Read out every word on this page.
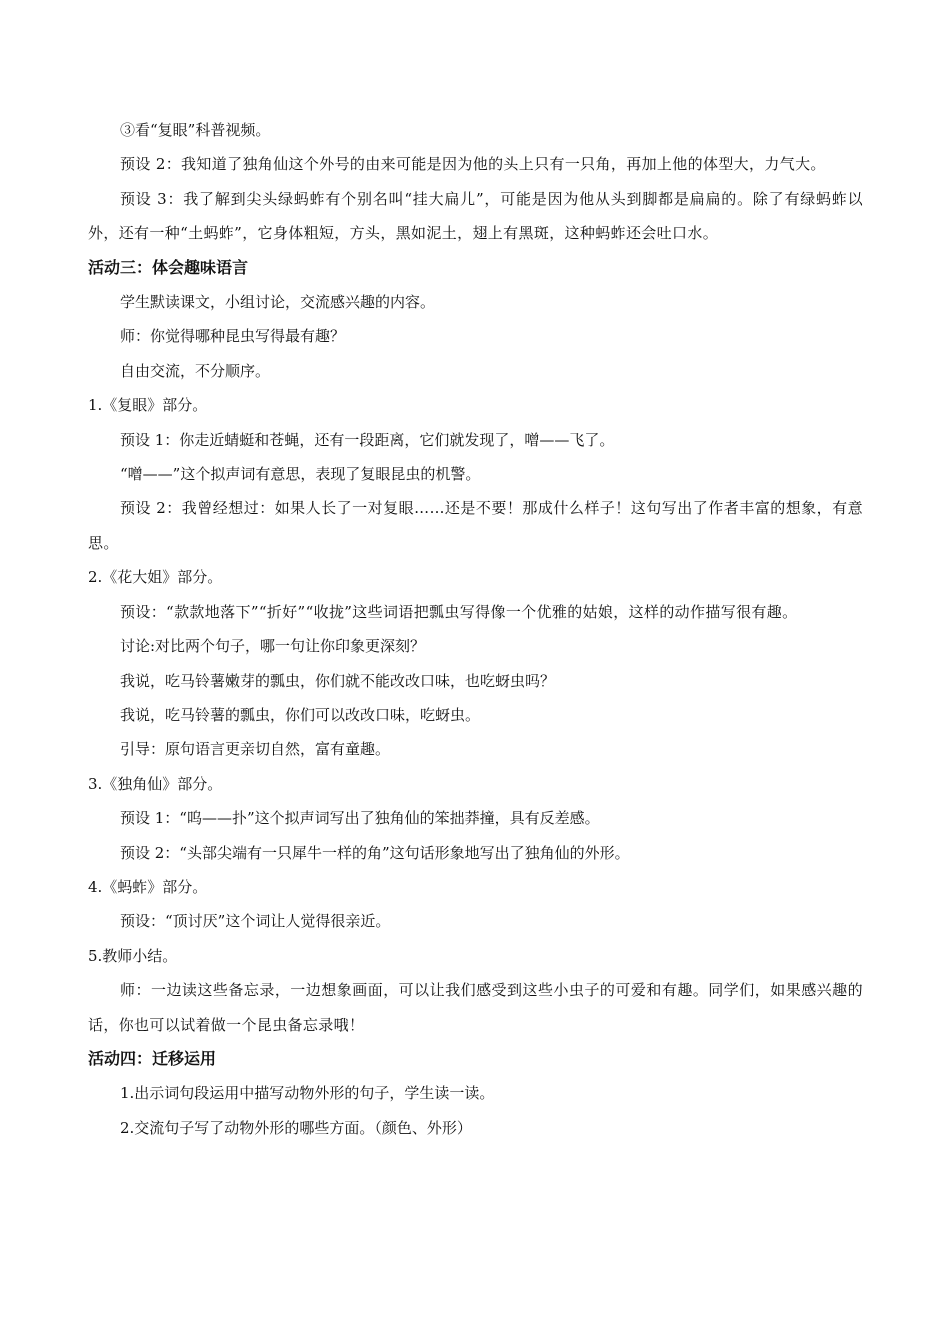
③看“复眼”科普视频。
预设 2：我知道了独角仙这个外号的由来可能是因为他的头上只有一只角，再加上他的体型大，力气大。
预设 3：我了解到尖头绿蚂蚱有个别名叫“挂大扁儿”，可能是因为他从头到脚都是扁扁的。除了有绿蚂蚱以外，还有一种“土蚂蚱”，它身体粗短，方头，黑如泥土，翅上有黑斑，这种蚂蚱还会吐口水。
活动三：体会趣味语言
学生默读课文，小组讨论，交流感兴趣的内容。
师：你觉得哪种昆虫写得最有趣？
自由交流，不分顺序。
1.《复眼》部分。
预设 1：你走近蜻蜓和苍蝇，还有一段距离，它们就发现了，噌——飞了。
“噌——”这个拟声词有意思，表现了复眼昆虫的机警。
预设 2：我曾经想过：如果人长了一对复眼……还是不要！那成什么样子！这句写出了作者丰富的想象，有意思。
2.《花大姐》部分。
预设：“款款地落下”“折好”“收拢”这些词语把瓢虫写得像一个优雅的姑娘，这样的动作描写很有趣。
讨论:对比两个句子，哪一句让你印象更深刻？
我说，吃马铃薯嫩芽的瓢虫，你们就不能改改口味，也吃蚜虫吗？
我说，吃马铃薯的瓢虫，你们可以改改口味，吃蚜虫。
引导：原句语言更亲切自然，富有童趣。
3.《独角仙》部分。
预设 1：“呜——扑”这个拟声词写出了独角仙的笨拙莽撞，具有反差感。
预设 2：“头部尖端有一只犀牛一样的角”这句话形象地写出了独角仙的外形。
4.《蚂蚱》部分。
预设：“顶讨厌”这个词让人觉得很亲近。
5.教师小结。
师：一边读这些备忘录，一边想象画面，可以让我们感受到这些小虫子的可爱和有趣。同学们，如果感兴趣的话，你也可以试着做一个昆虫备忘录哦！
活动四：迁移运用
1.出示词句段运用中描写动物外形的句子，学生读一读。
2.交流句子写了动物外形的哪些方面。（颜色、外形）
